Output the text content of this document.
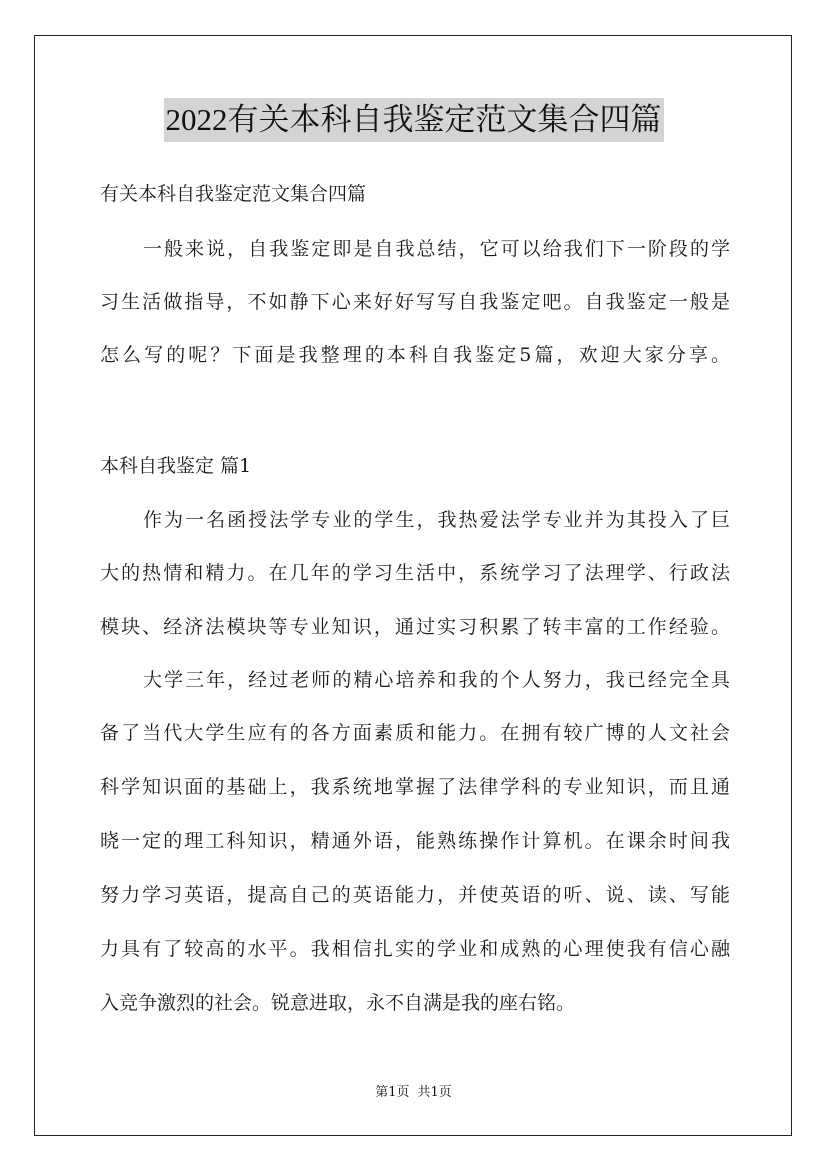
2022有关本科自我鉴定范文集合四篇
有关本科自我鉴定范文集合四篇
一般来说，自我鉴定即是自我总结，它可以给我们下一阶段的学
习生活做指导，不如静下心来好好写写自我鉴定吧。自我鉴定一般是
怎么写的呢？下面是我整理的本科自我鉴定5篇，欢迎大家分享。
本科自我鉴定 篇1
作为一名函授法学专业的学生，我热爱法学专业并为其投入了巨
大的热情和精力。在几年的学习生活中，系统学习了法理学、行政法
模块、经济法模块等专业知识，通过实习积累了转丰富的工作经验。
大学三年，经过老师的精心培养和我的个人努力，我已经完全具
备了当代大学生应有的各方面素质和能力。在拥有较广博的人文社会
科学知识面的基础上，我系统地掌握了法律学科的专业知识，而且通
晓一定的理工科知识，精通外语，能熟练操作计算机。在课余时间我
努力学习英语，提高自己的英语能力，并使英语的听、说、读、写能
力具有了较高的水平。我相信扎实的学业和成熟的心理使我有信心融
入竞争激烈的社会。锐意进取，永不自满是我的座右铭。
第1页 共1页
